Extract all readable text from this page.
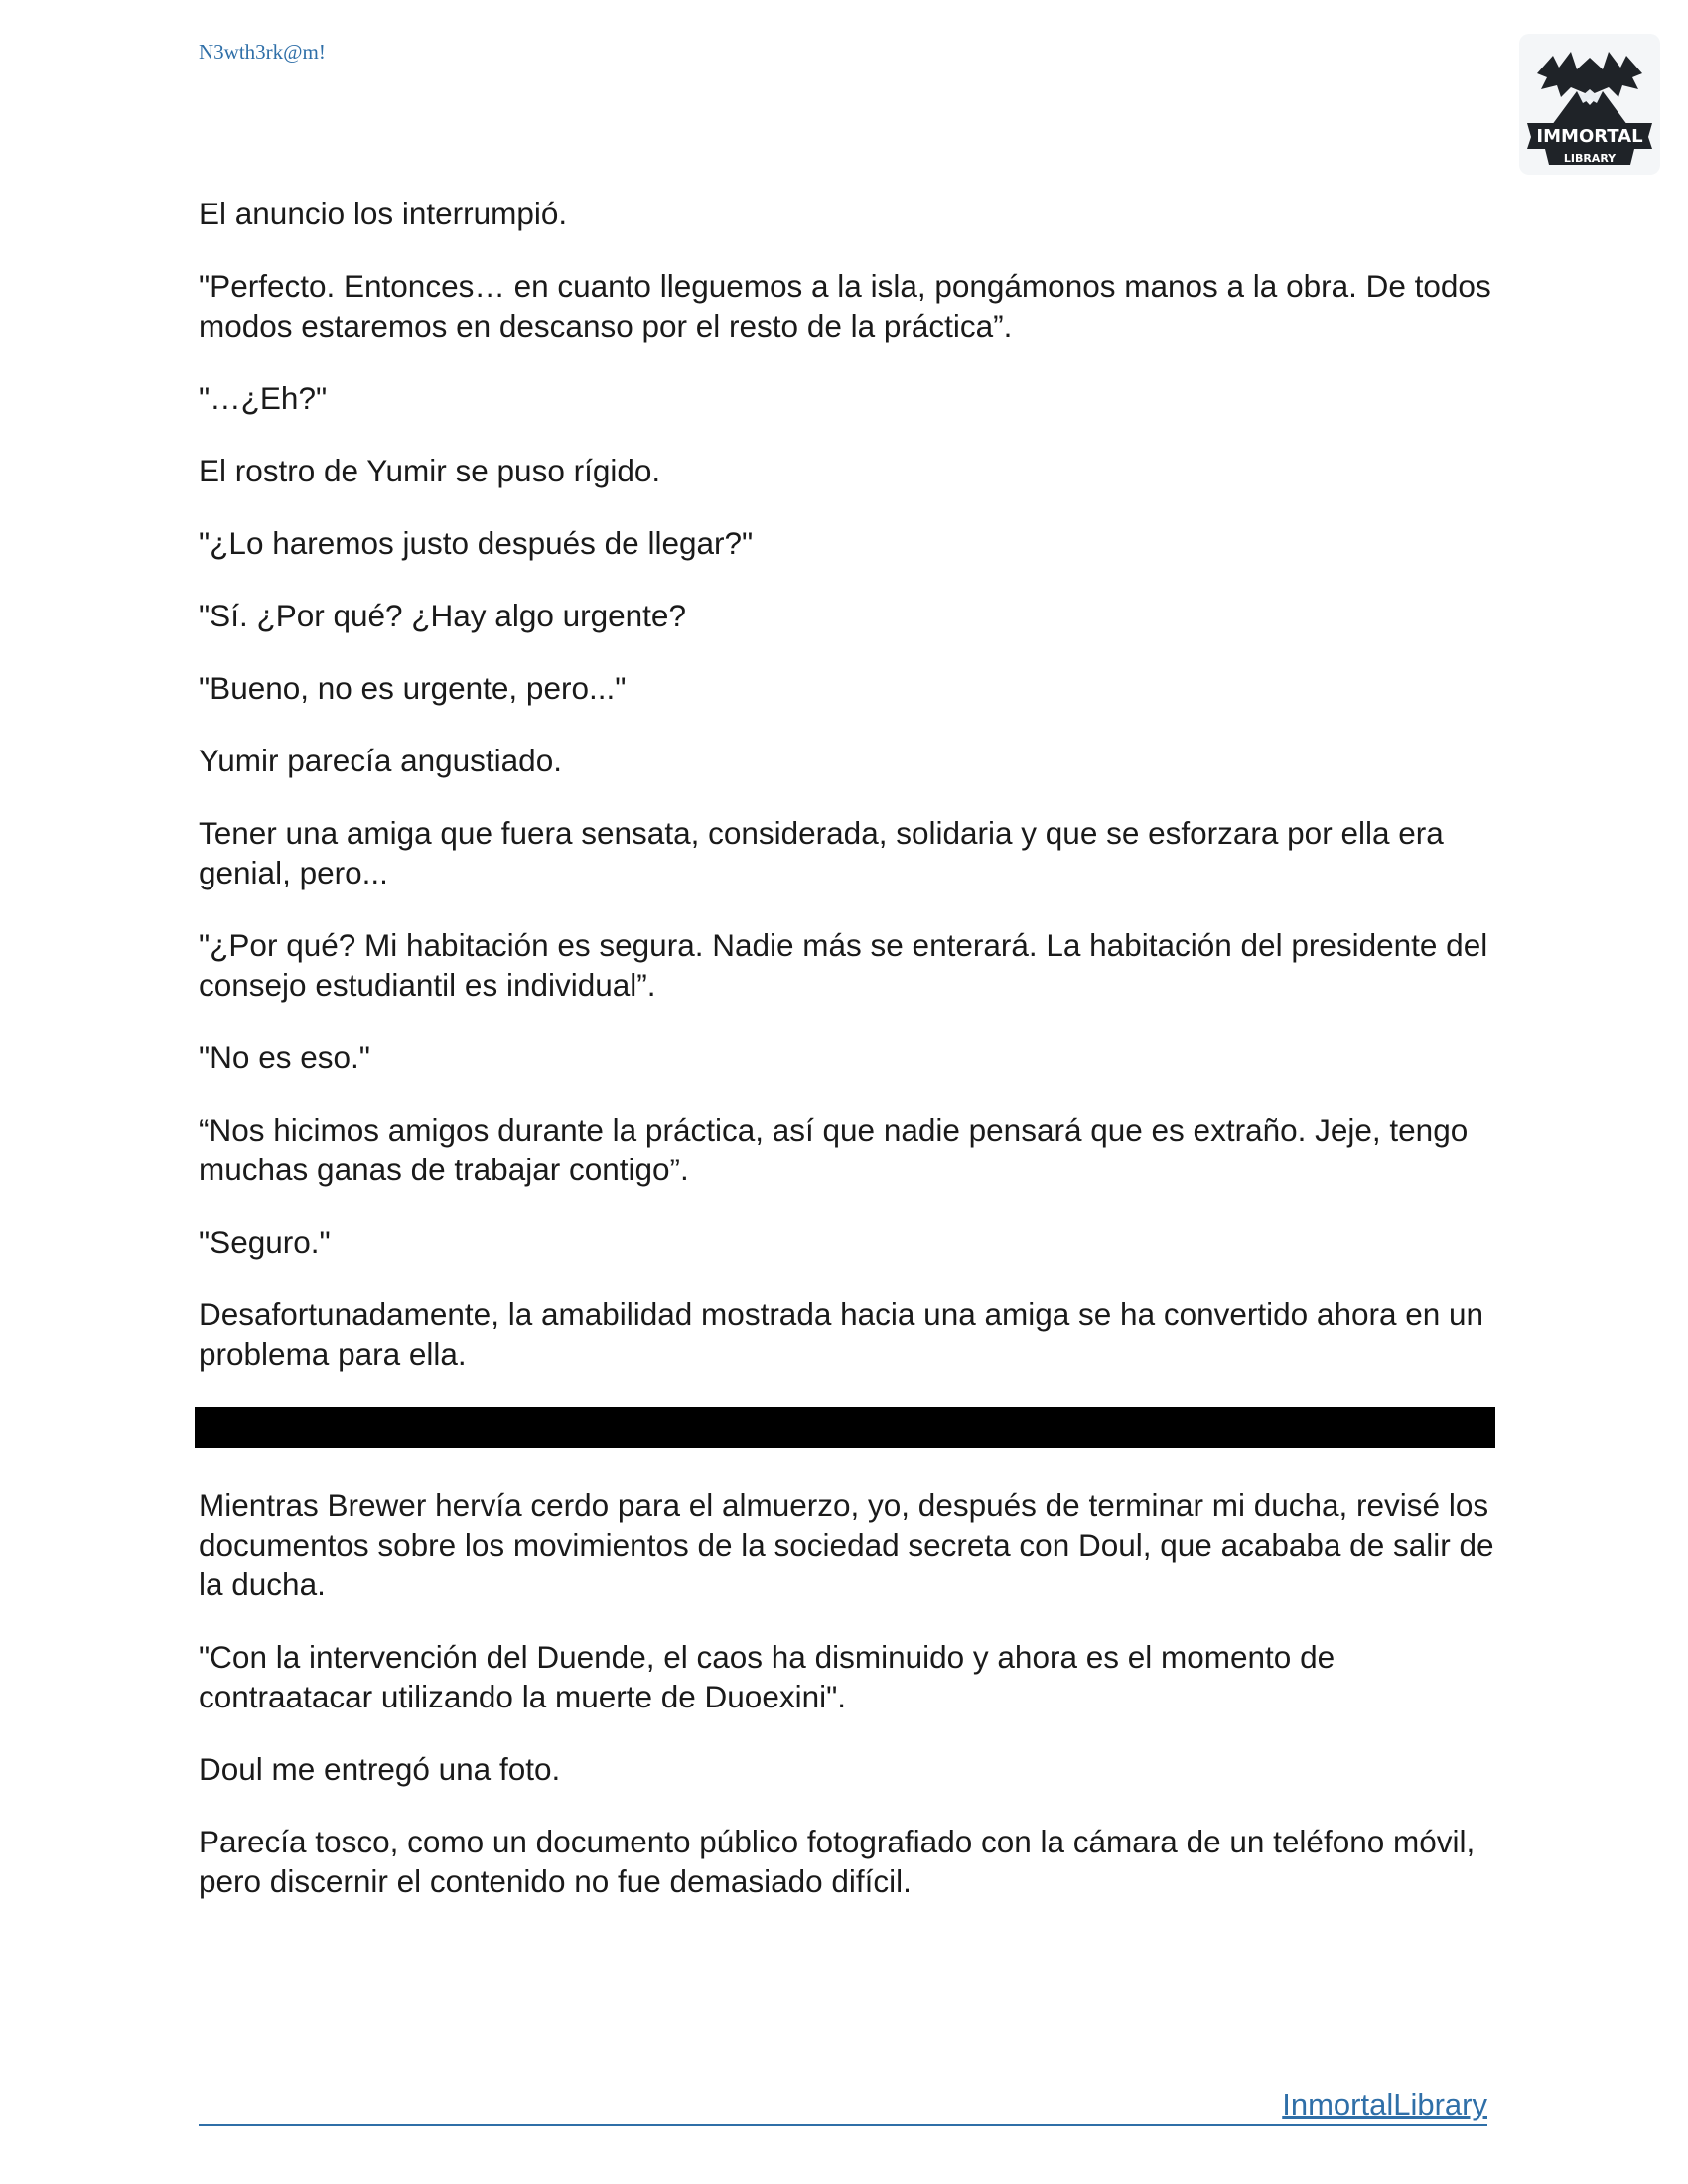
N3wth3rk@m!
IMMORTAL
LIBRARY

El anuncio los interrumpió.

"Perfecto. Entonces… en cuanto lleguemos a la isla, pongámonos manos a la obra. De todos modos estaremos en descanso por el resto de la práctica”.

"…¿Eh?"

El rostro de Yumir se puso rígido.

"¿Lo haremos justo después de llegar?"

"Sí. ¿Por qué? ¿Hay algo urgente?

"Bueno, no es urgente, pero..."

Yumir parecía angustiado.

Tener una amiga que fuera sensata, considerada, solidaria y que se esforzara por ella era genial, pero...

"¿Por qué? Mi habitación es segura. Nadie más se enterará. La habitación del presidente del consejo estudiantil es individual”.

"No es eso."

“Nos hicimos amigos durante la práctica, así que nadie pensará que es extraño. Jeje, tengo muchas ganas de trabajar contigo”.

"Seguro."

Desafortunadamente, la amabilidad mostrada hacia una amiga se ha convertido ahora en un problema para ella.

Mientras Brewer hervía cerdo para el almuerzo, yo, después de terminar mi ducha, revisé los documentos sobre los movimientos de la sociedad secreta con Doul, que acababa de salir de la ducha.

"Con la intervención del Duende, el caos ha disminuido y ahora es el momento de contraatacar utilizando la muerte de Duoexini".

Doul me entregó una foto.

Parecía tosco, como un documento público fotografiado con la cámara de un teléfono móvil, pero discernir el contenido no fue demasiado difícil.

InmortalLibrary
